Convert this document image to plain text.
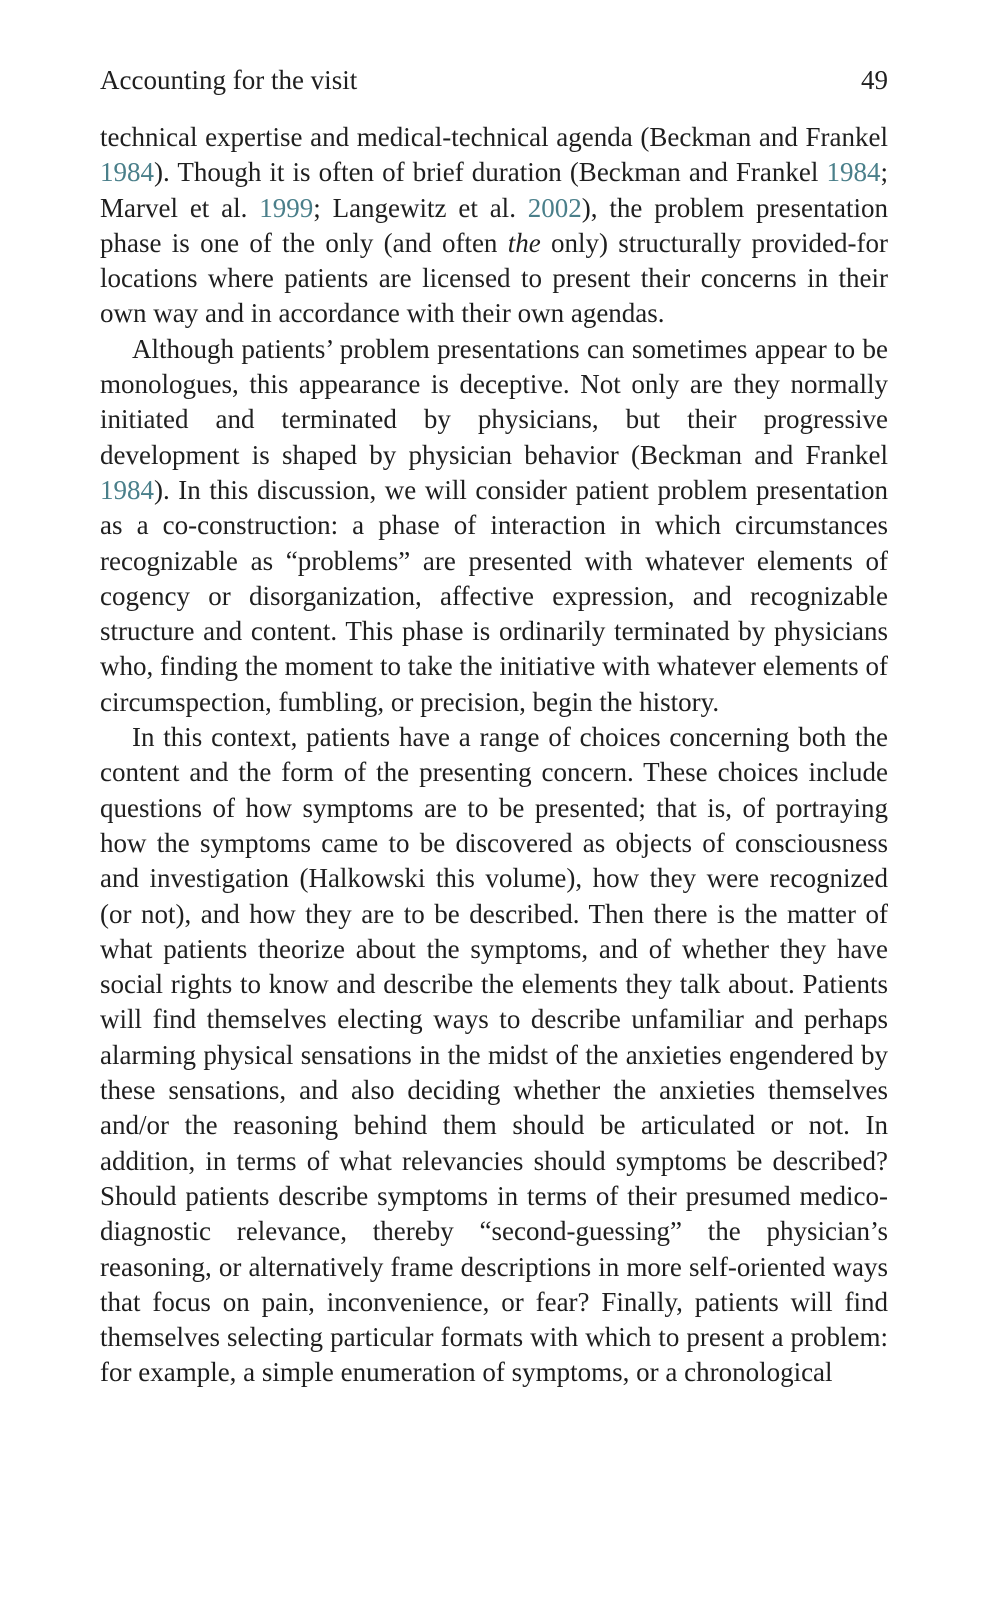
Accounting for the visit	49

technical expertise and medical-technical agenda (Beckman and Frankel 1984). Though it is often of brief duration (Beckman and Frankel 1984; Marvel et al. 1999; Langewitz et al. 2002), the problem presentation phase is one of the only (and often the only) structurally provided-for locations where patients are licensed to present their concerns in their own way and in accordance with their own agendas.

Although patients’ problem presentations can sometimes appear to be monologues, this appearance is deceptive. Not only are they normally initiated and terminated by physicians, but their progressive development is shaped by physician behavior (Beckman and Frankel 1984). In this discussion, we will consider patient problem presentation as a co-construction: a phase of interaction in which circumstances recognizable as “problems” are presented with whatever elements of cogency or disorganization, affective expression, and recognizable structure and content. This phase is ordinarily terminated by physicians who, finding the moment to take the initiative with whatever elements of circumspection, fumbling, or precision, begin the history.

In this context, patients have a range of choices concerning both the content and the form of the presenting concern. These choices include questions of how symptoms are to be presented; that is, of portraying how the symptoms came to be discovered as objects of consciousness and investigation (Halkowski this volume), how they were recognized (or not), and how they are to be described. Then there is the matter of what patients theorize about the symptoms, and of whether they have social rights to know and describe the elements they talk about. Patients will find themselves electing ways to describe unfamiliar and perhaps alarming physical sensations in the midst of the anxieties engendered by these sensations, and also deciding whether the anxieties themselves and/or the reasoning behind them should be articulated or not. In addition, in terms of what relevancies should symptoms be described? Should patients describe symptoms in terms of their presumed medico-diagnostic relevance, thereby “second-guessing” the physician’s reasoning, or alternatively frame descriptions in more self-oriented ways that focus on pain, inconvenience, or fear? Finally, patients will find themselves selecting particular formats with which to present a problem: for example, a simple enumeration of symptoms, or a chronological
